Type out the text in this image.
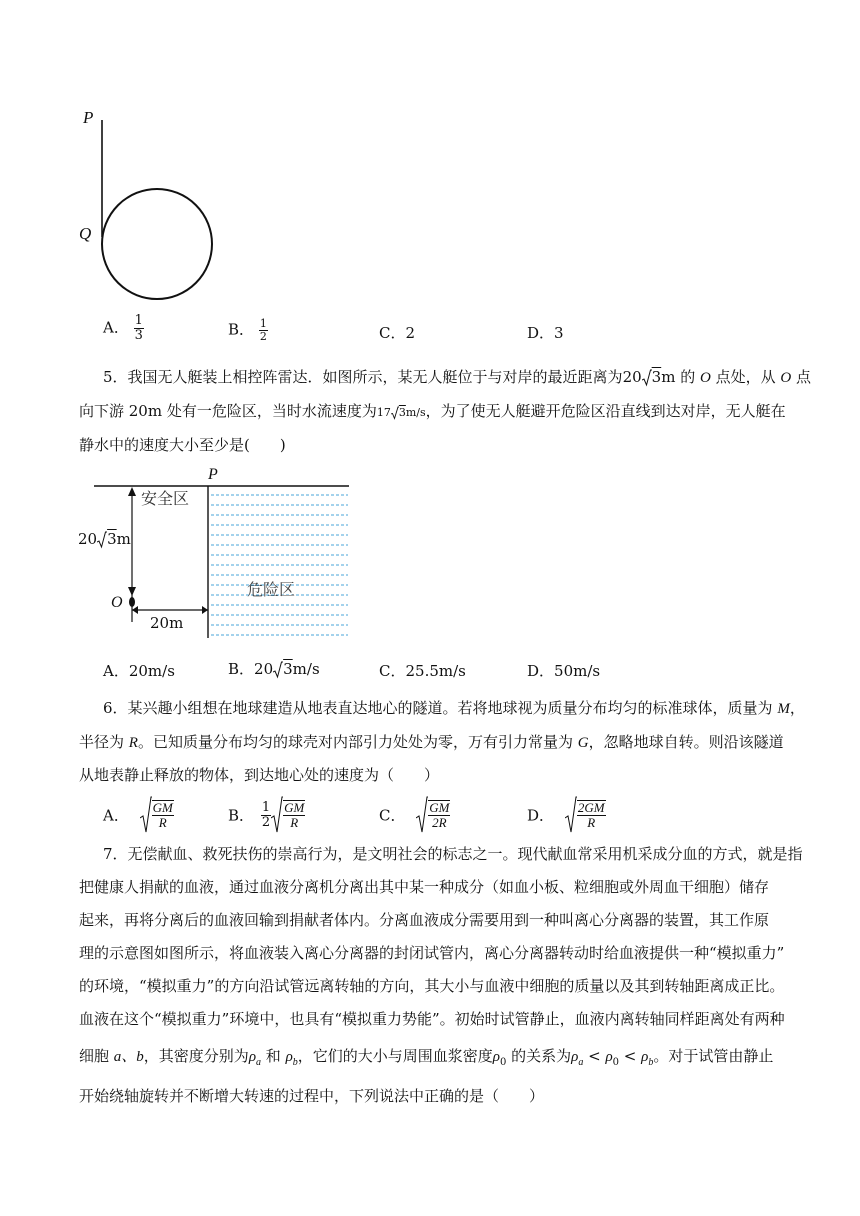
P
Q
A． $\frac{1}{3}$	B． $\frac{1}{2}$	C．2	D．3
5．我国无人艇装上相控阵雷达．如图所示，某无人艇位于与对岸的最近距离为20 3m 的 O 点处，从 O 点
向下游 20m 处有一危险区，当时水流速度为17 3m/s，为了使无人艇避开危险区沿直线到达对岸，无人艇在
静水中的速度大小至少是(　　)
P
安全区
危险区
20 3m
O
20m
A．20m/s	B．20 3m/s	C．25.5m/s	D．50m/s
6．某兴趣小组想在地球建造从地表直达地心的隧道。若将地球视为质量分布均匀的标准球体，质量为 M，
半径为 R。已知质量分布均匀的球壳对内部引力处处为零，万有引力常量为 G，忽略地球自转。则沿该隧道
从地表静止释放的物体，到达地心处的速度为（　　）
A． $\frac{GM}{R}$	B． $\frac{1}{2} \frac{GM}{R}$	C． $\frac{GM}{2R}$	D． $\frac{2GM}{R}$
7．无偿献血、救死扶伤的崇高行为，是文明社会的标志之一。现代献血常采用机采成分血的方式，就是指
把健康人捐献的血液，通过血液分离机分离出其中某一种成分（如血小板、粒细胞或外周血干细胞）储存
起来，再将分离后的血液回输到捐献者体内。分离血液成分需要用到一种叫离心分离器的装置，其工作原
理的示意图如图所示，将血液装入离心分离器的封闭试管内，离心分离器转动时给血液提供一种“模拟重力”
的环境，“模拟重力”的方向沿试管远离转轴的方向，其大小与血液中细胞的质量以及其到转轴距离成正比。
血液在这个“模拟重力”环境中，也具有“模拟重力势能”。初始时试管静止，血液内离转轴同样距离处有两种
细胞 a、b，其密度分别为$\rho_a$ 和 $\rho_b$，它们的大小与周围血浆密度$\rho_0$ 的关系为$\rho_a < \rho_0 < \rho_b$。对于试管由静止
开始绕轴旋转并不断增大转速的过程中，下列说法中正确的是（　　）
